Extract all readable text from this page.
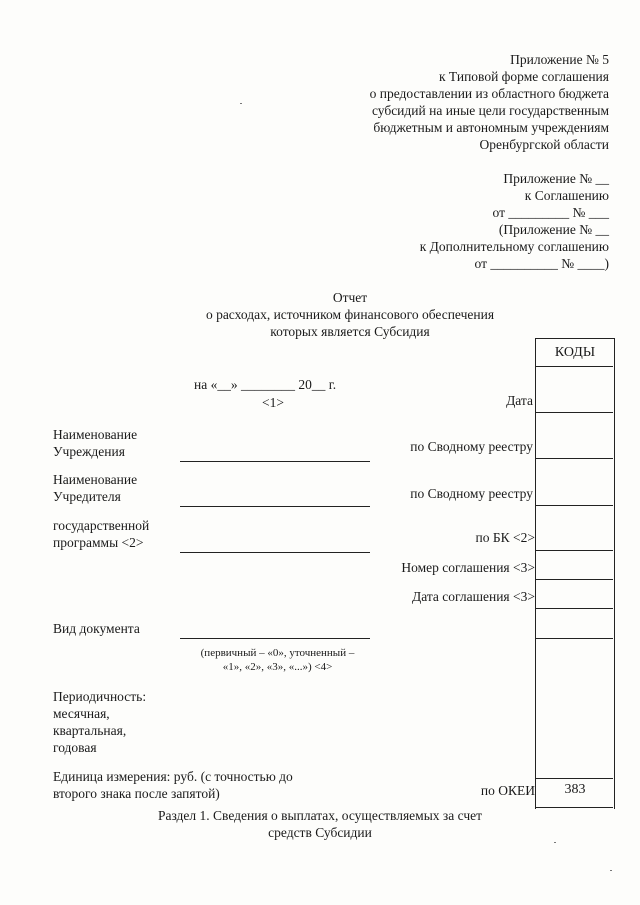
Приложение № 5
к Типовой форме соглашения
о предоставлении из областного бюджета
субсидий на иные цели государственным
бюджетным и автономным учреждениям
Оренбургской области
Приложение № __
к Соглашению
от _________ № ___
(Приложение № __
к Дополнительному соглашению
от __________ № ____)
Отчет
о расходах, источником финансового обеспечения
которых является Субсидия
КОДЫ
383
на «__» ________ 20__ г.
<1>	Дата
по Сводному реестру
по Сводному реестру
по БК <2>
Номер соглашения <3>
Дата соглашения <3>
по ОКЕИ
Наименование
Учреждения
Наименование
Учредителя
государственной
программы <2>
Вид документа
(первичный – «0», уточненный –
«1», «2», «3», «...») <4>
Периодичность:
месячная,
квартальная,
годовая
Единица измерения: руб. (с точностью до
второго знака после запятой)
Раздел 1. Сведения о выплатах, осуществляемых за счет
средств Субсидии
